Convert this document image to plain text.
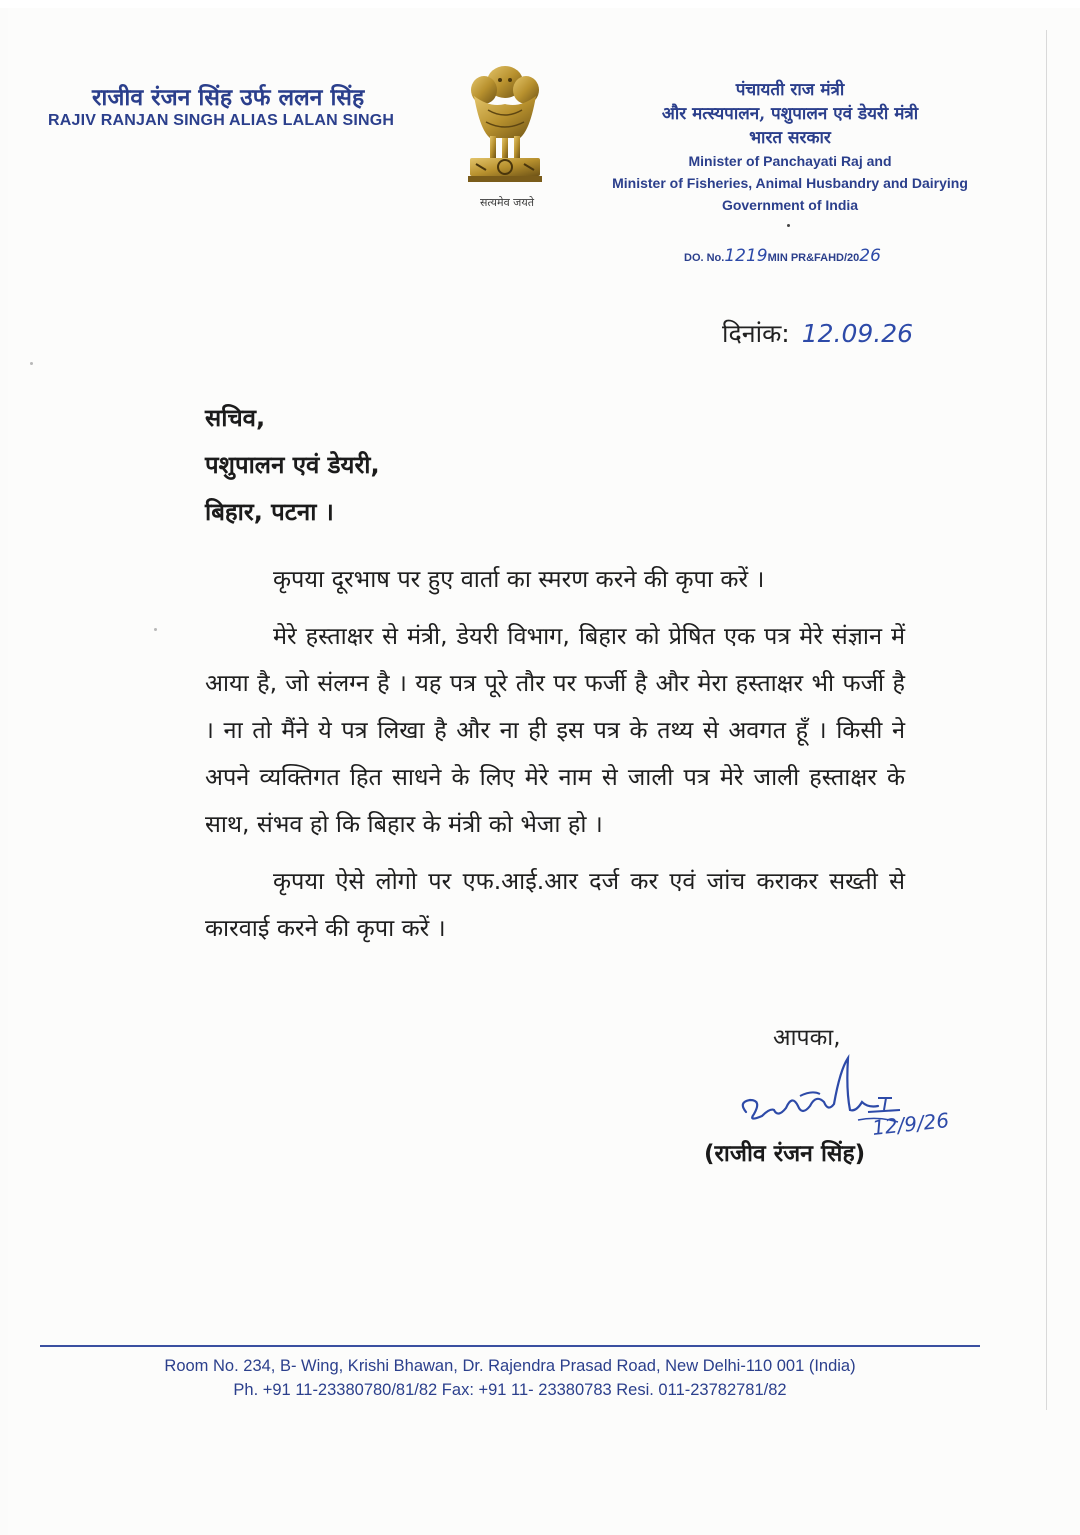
राजीव रंजन सिंह उर्फ ललन सिंह
RAJIV RANJAN SINGH ALIAS LALAN SINGH
सत्यमेव जयते
पंचायती राज मंत्री
और मत्स्यपालन, पशुपालन एवं डेयरी मंत्री
भारत सरकार
Minister of Panchayati Raj and
Minister of Fisheries, Animal Husbandry and Dairying
Government of India
DO. No.1219MIN PR&FAHD/2026
दिनांक: 12.09.26
सचिव,
पशुपालन एवं डेयरी,
बिहार, पटना ।

कृपया दूरभाष पर हुए वार्ता का स्मरण करने की कृपा करें ।

मेरे हस्ताक्षर से मंत्री, डेयरी विभाग, बिहार को प्रेषित एक पत्र मेरे संज्ञान में आया है, जो संलग्न है । यह पत्र पूरे तौर पर फर्जी है और मेरा हस्ताक्षर भी फर्जी है । ना तो मैंने ये पत्र लिखा है और ना ही इस पत्र के तथ्य से अवगत हूँ । किसी ने अपने व्यक्तिगत हित साधने के लिए मेरे नाम से जाली पत्र मेरे जाली हस्ताक्षर के साथ, संभव हो कि बिहार के मंत्री को भेजा हो ।

कृपया ऐसे लोगो पर एफ.आई.आर दर्ज कर एवं जांच कराकर सख्ती से कारवाई करने की कृपा करें ।

आपका,
12/9/26
(राजीव रंजन सिंह)
Room No. 234, B- Wing, Krishi Bhawan, Dr. Rajendra Prasad Road, New Delhi-110 001 (India)
Ph. +91 11-23380780/81/82 Fax: +91 11- 23380783 Resi. 011-23782781/82
